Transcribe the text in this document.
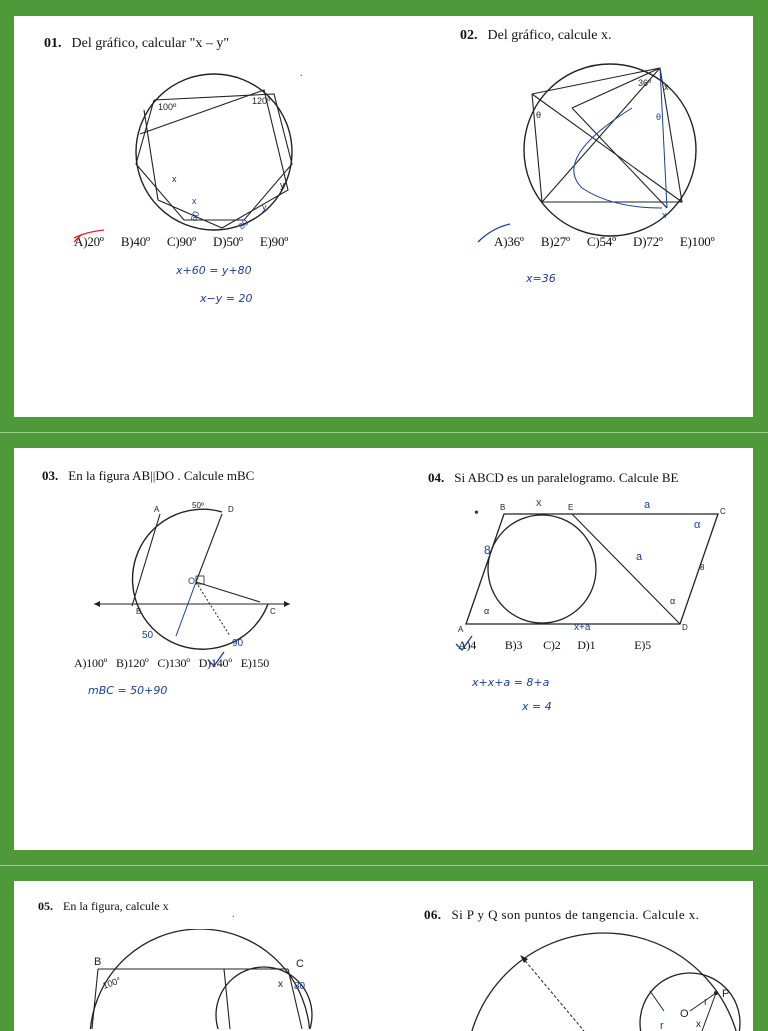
01. Del gráfico, calcular "x – y"
100º
120º
x
y
60
80
x
y
A)20º B)40º C)90º D)50º E)90º
x+60 = y+80
x−y = 20
.
02. Del gráfico, calcule x.
36º x
θ	θ
x
A)36º B)27º C)54º D)72º E)100º
x=36
03. En la figura AB||DO . Calcule mBC
A	D
50º
B	C
O
50
90
A)100º B)120º C)130º D)140º E)150
mBC = 50+90
04. Si ABCD es un paralelogramo. Calcule BE
B	E	C
A	D
α
α
8
8
x	a
a
α
x+a
A)4 B)3 C)2 D)1	E)5
x+x+a = 8+a
x = 4
•
05. En la figura, calcule x
B	C
100°	x 80
.	06. Si P y Q son puntos de tangencia. Calcule x.
P
O
r
r
x
